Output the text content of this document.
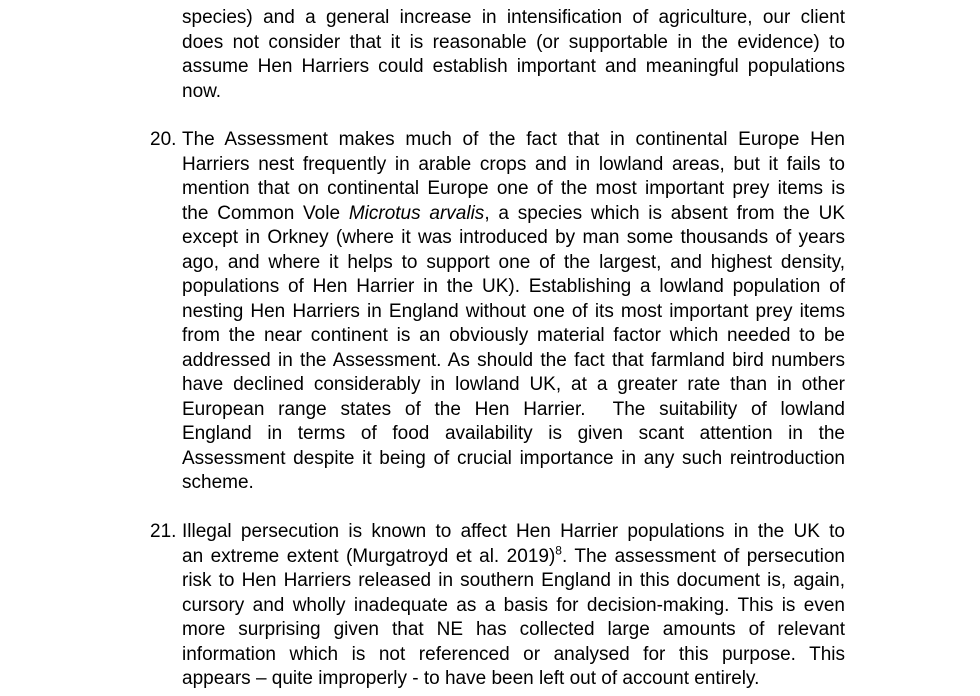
species) and a general increase in intensification of agriculture, our client
does not consider that it is reasonable (or supportable in the evidence) to
assume Hen Harriers could establish important and meaningful populations
now.
20. The Assessment makes much of the fact that in continental Europe Hen
Harriers nest frequently in arable crops and in lowland areas, but it fails to
mention that on continental Europe one of the most important prey items is
the Common Vole Microtus arvalis, a species which is absent from the UK
except in Orkney (where it was introduced by man some thousands of years
ago, and where it helps to support one of the largest, and highest density,
populations of Hen Harrier in the UK). Establishing a lowland population of
nesting Hen Harriers in England without one of its most important prey items
from the near continent is an obviously material factor which needed to be
addressed in the Assessment. As should the fact that farmland bird numbers
have declined considerably in lowland UK, at a greater rate than in other
European range states of the Hen Harrier.  The suitability of lowland
England in terms of food availability is given scant attention in the
Assessment despite it being of crucial importance in any such reintroduction
scheme.
21. Illegal persecution is known to affect Hen Harrier populations in the UK to
an extreme extent (Murgatroyd et al. 2019)$^8$. The assessment of persecution
risk to Hen Harriers released in southern England in this document is, again,
cursory and wholly inadequate as a basis for decision-making. This is even
more surprising given that NE has collected large amounts of relevant
information which is not referenced or analysed for this purpose. This
appears – quite improperly - to have been left out of account entirely.
